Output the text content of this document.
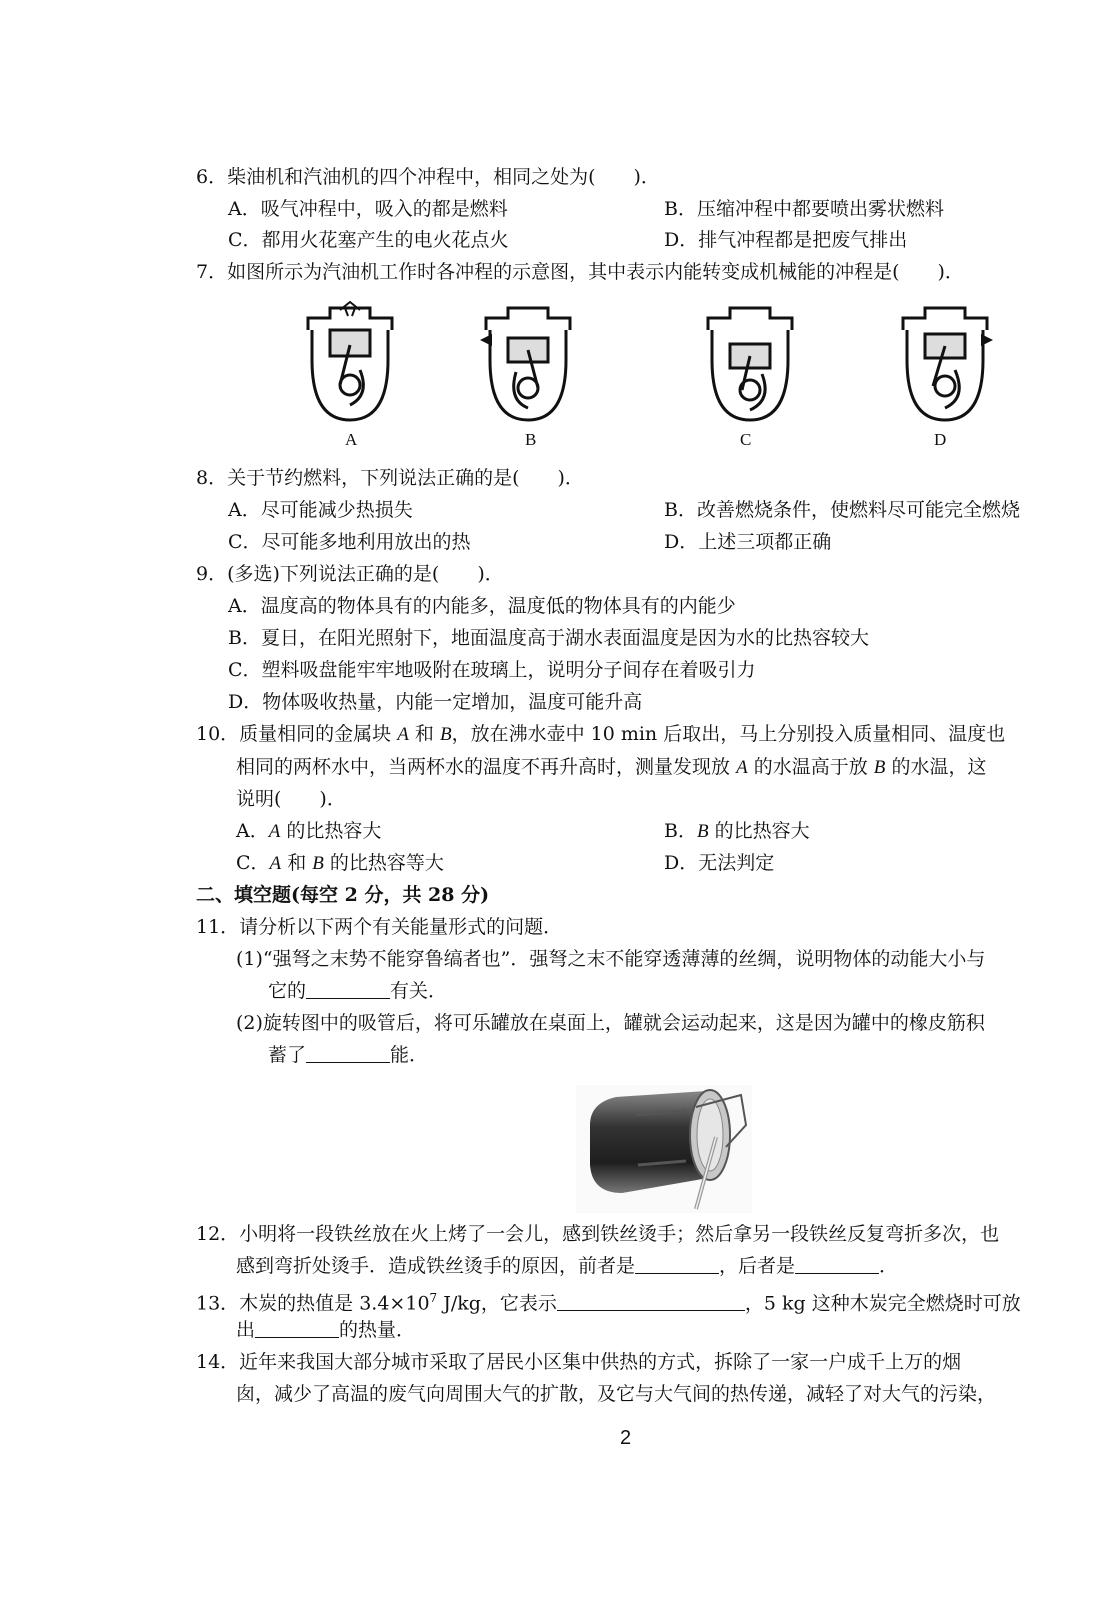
6．柴油机和汽油机的四个冲程中，相同之处为(　　)．
A．吸气冲程中，吸入的都是燃料	B．压缩冲程中都要喷出雾状燃料
C．都用火花塞产生的电火花点火	D．排气冲程都是把废气排出
7．如图所示为汽油机工作时各冲程的示意图，其中表示内能转变成机械能的冲程是(　　)．
A	B	C	D
8．关于节约燃料，下列说法正确的是(　　)．
A．尽可能减少热损失	B．改善燃烧条件，使燃料尽可能完全燃烧
C．尽可能多地利用放出的热	D．上述三项都正确
9．(多选)下列说法正确的是(　　)．
A．温度高的物体具有的内能多，温度低的物体具有的内能少
B．夏日，在阳光照射下，地面温度高于湖水表面温度是因为水的比热容较大
C．塑料吸盘能牢牢地吸附在玻璃上，说明分子间存在着吸引力
D．物体吸收热量，内能一定增加，温度可能升高
10．质量相同的金属块 A 和 B，放在沸水壶中 10 min 后取出，马上分别投入质量相同、温度也
相同的两杯水中，当两杯水的温度不再升高时，测量发现放 A 的水温高于放 B 的水温，这
说明(　　)．
A．A 的比热容大	B．B 的比热容大
C．A 和 B 的比热容等大	D．无法判定
二、填空题(每空 2 分，共 28 分)
11．请分析以下两个有关能量形式的问题．
(1)“强弩之末势不能穿鲁缟者也”．强弩之末不能穿透薄薄的丝绸，说明物体的动能大小与
它的	有关．
(2)旋转图中的吸管后，将可乐罐放在桌面上，罐就会运动起来，这是因为罐中的橡皮筋积
蓄了	能．
12．小明将一段铁丝放在火上烤了一会儿，感到铁丝烫手；然后拿另一段铁丝反复弯折多次，也
感到弯折处烫手．造成铁丝烫手的原因，前者是	，后者是	．
13．木炭的热值是 $3.4\times 10^7$ J/kg，它表示	，5 kg 这种木炭完全燃烧时可放
出	的热量．
14．近年来我国大部分城市采取了居民小区集中供热的方式，拆除了一家一户成千上万的烟
囱，减少了高温的废气向周围大气的扩散，及它与大气间的热传递，减轻了对大气的污染，
2
